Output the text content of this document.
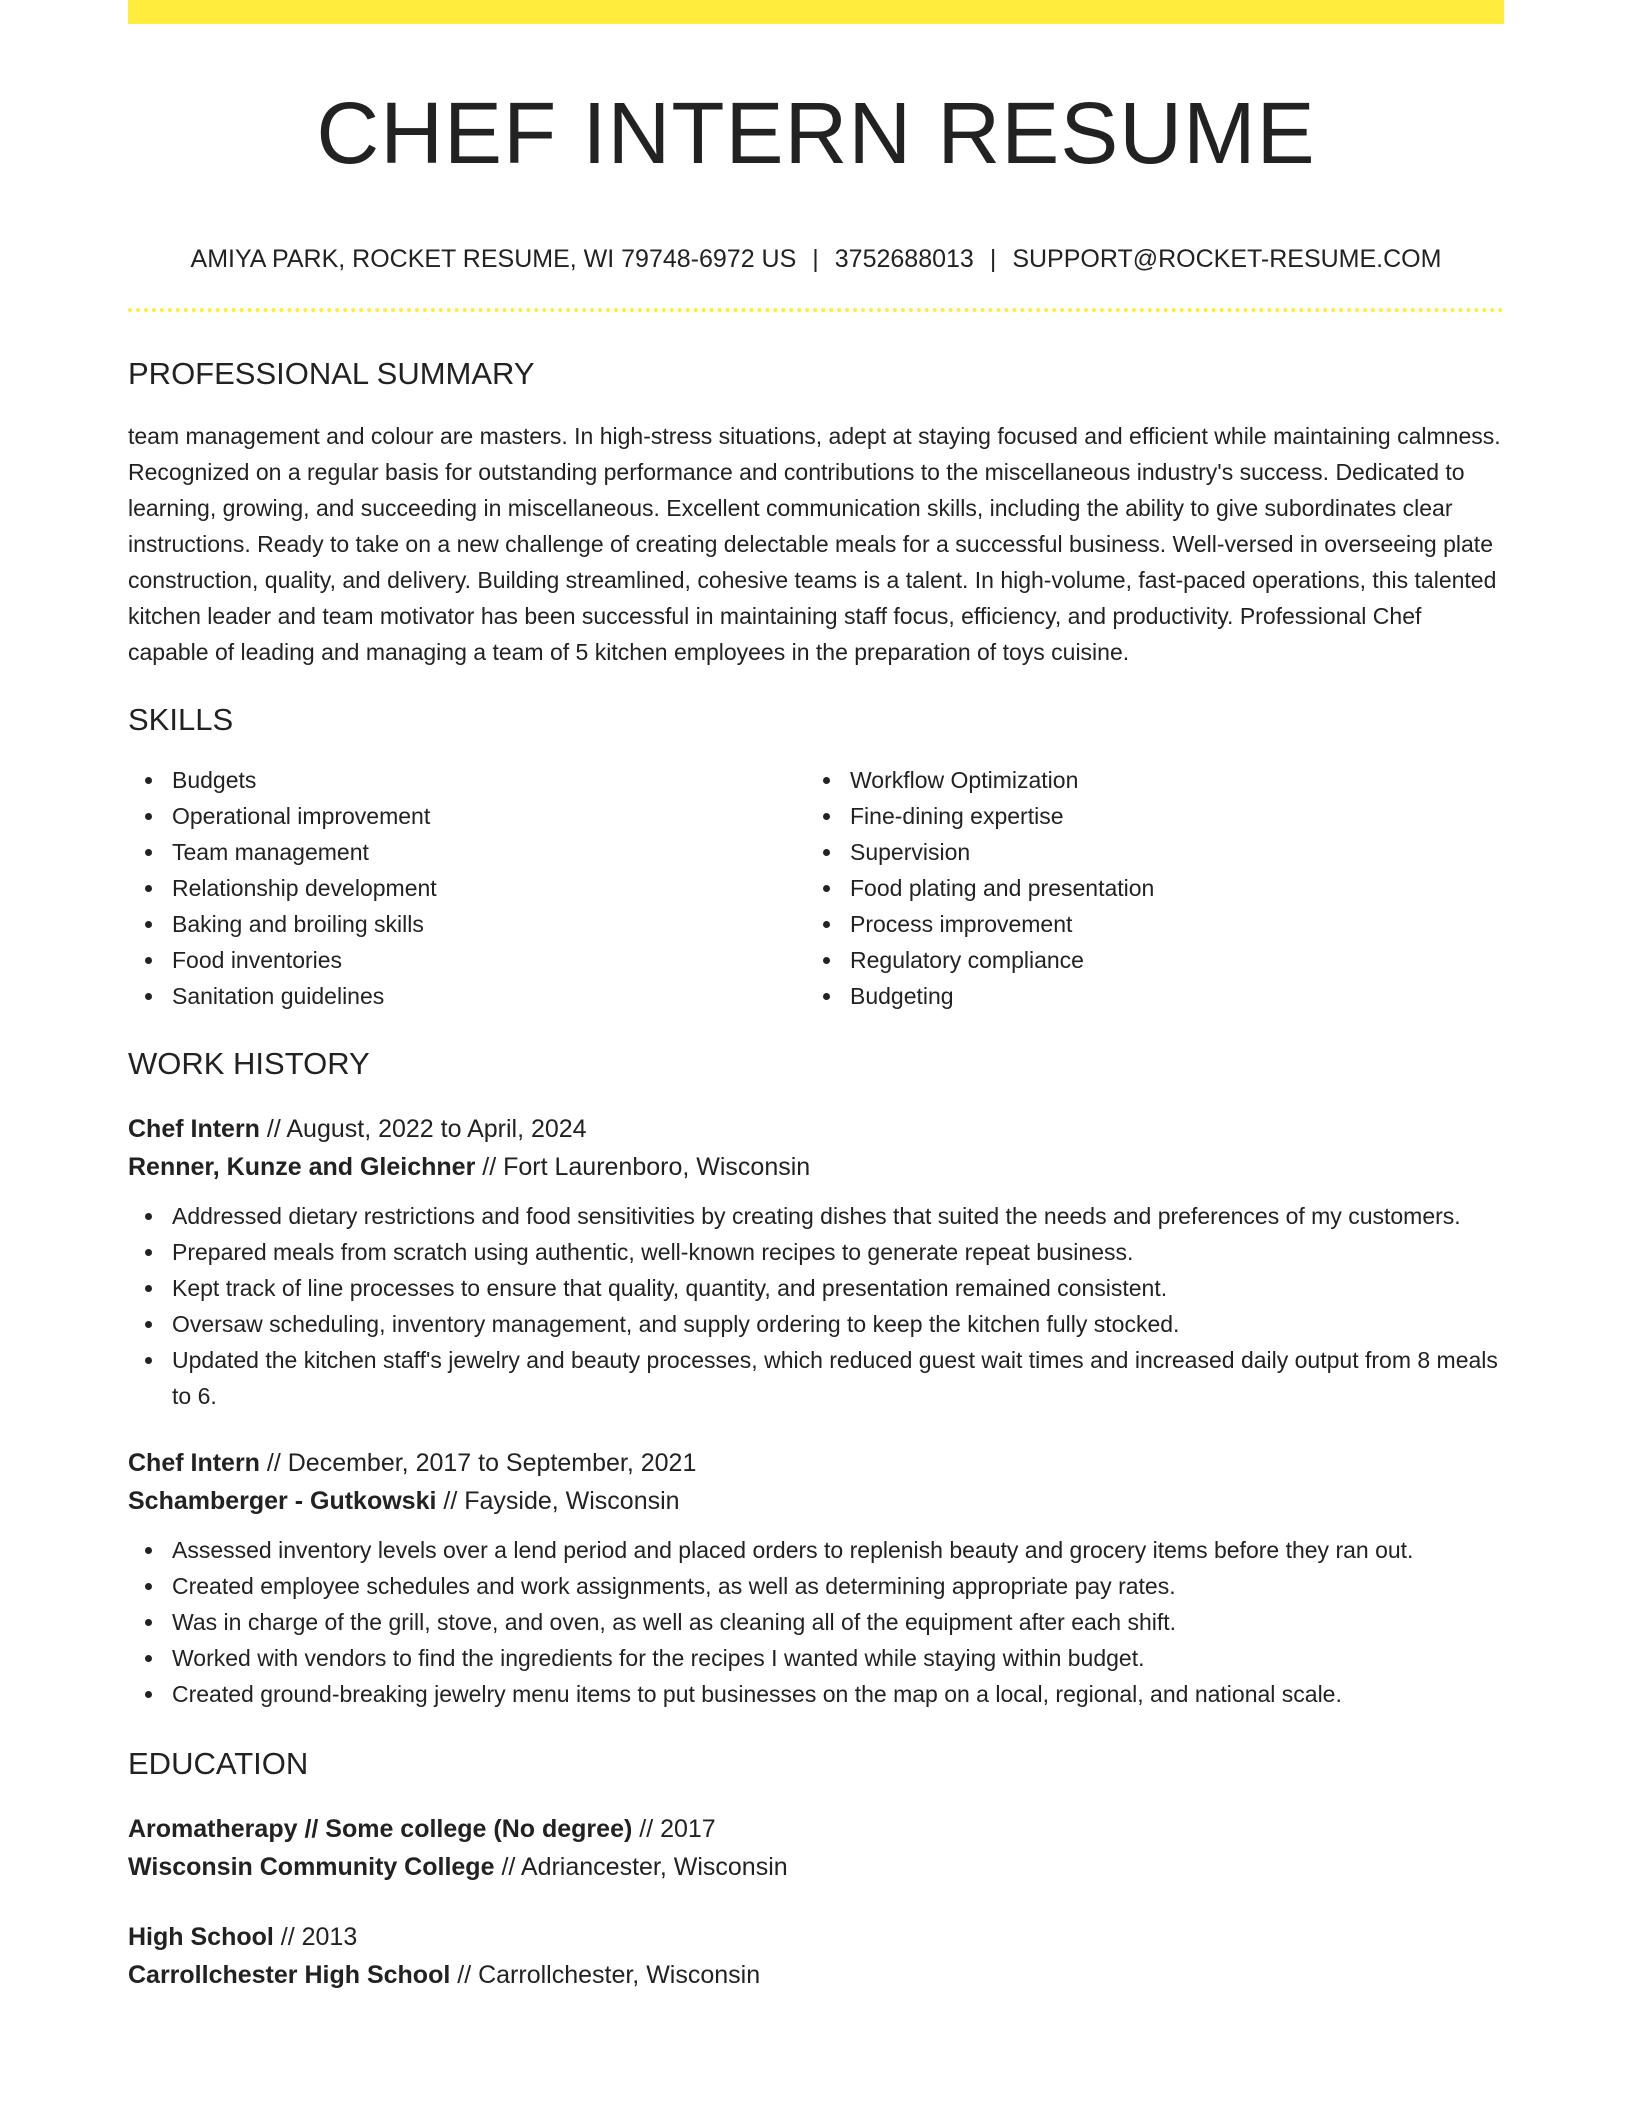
CHEF INTERN RESUME
AMIYA PARK, ROCKET RESUME, WI 79748-6972 US | 3752688013 | SUPPORT@ROCKET-RESUME.COM
PROFESSIONAL SUMMARY

team management and colour are masters. In high-stress situations, adept at staying focused and efficient while maintaining calmness. Recognized on a regular basis for outstanding performance and contributions to the miscellaneous industry's success. Dedicated to learning, growing, and succeeding in miscellaneous. Excellent communication skills, including the ability to give subordinates clear instructions. Ready to take on a new challenge of creating delectable meals for a successful business. Well-versed in overseeing plate construction, quality, and delivery. Building streamlined, cohesive teams is a talent. In high-volume, fast-paced operations, this talented kitchen leader and team motivator has been successful in maintaining staff focus, efficiency, and productivity. Professional Chef capable of leading and managing a team of 5 kitchen employees in the preparation of toys cuisine.

SKILLS
Budgets
Operational improvement
Team management
Relationship development
Baking and broiling skills
Food inventories
Sanitation guidelines
Workflow Optimization
Fine-dining expertise
Supervision
Food plating and presentation
Process improvement
Regulatory compliance
Budgeting
WORK HISTORY
Chef Intern // August, 2022 to April, 2024
Renner, Kunze and Gleichner // Fort Laurenboro, Wisconsin
Addressed dietary restrictions and food sensitivities by creating dishes that suited the needs and preferences of my customers.
Prepared meals from scratch using authentic, well-known recipes to generate repeat business.
Kept track of line processes to ensure that quality, quantity, and presentation remained consistent.
Oversaw scheduling, inventory management, and supply ordering to keep the kitchen fully stocked.
Updated the kitchen staff's jewelry and beauty processes, which reduced guest wait times and increased daily output from 8 meals to 6.
Chef Intern // December, 2017 to September, 2021
Schamberger - Gutkowski // Fayside, Wisconsin
Assessed inventory levels over a lend period and placed orders to replenish beauty and grocery items before they ran out.
Created employee schedules and work assignments, as well as determining appropriate pay rates.
Was in charge of the grill, stove, and oven, as well as cleaning all of the equipment after each shift.
Worked with vendors to find the ingredients for the recipes I wanted while staying within budget.
Created ground-breaking jewelry menu items to put businesses on the map on a local, regional, and national scale.
EDUCATION
Aromatherapy // Some college (No degree) // 2017
Wisconsin Community College // Adriancester, Wisconsin
High School // 2013
Carrollchester High School // Carrollchester, Wisconsin
